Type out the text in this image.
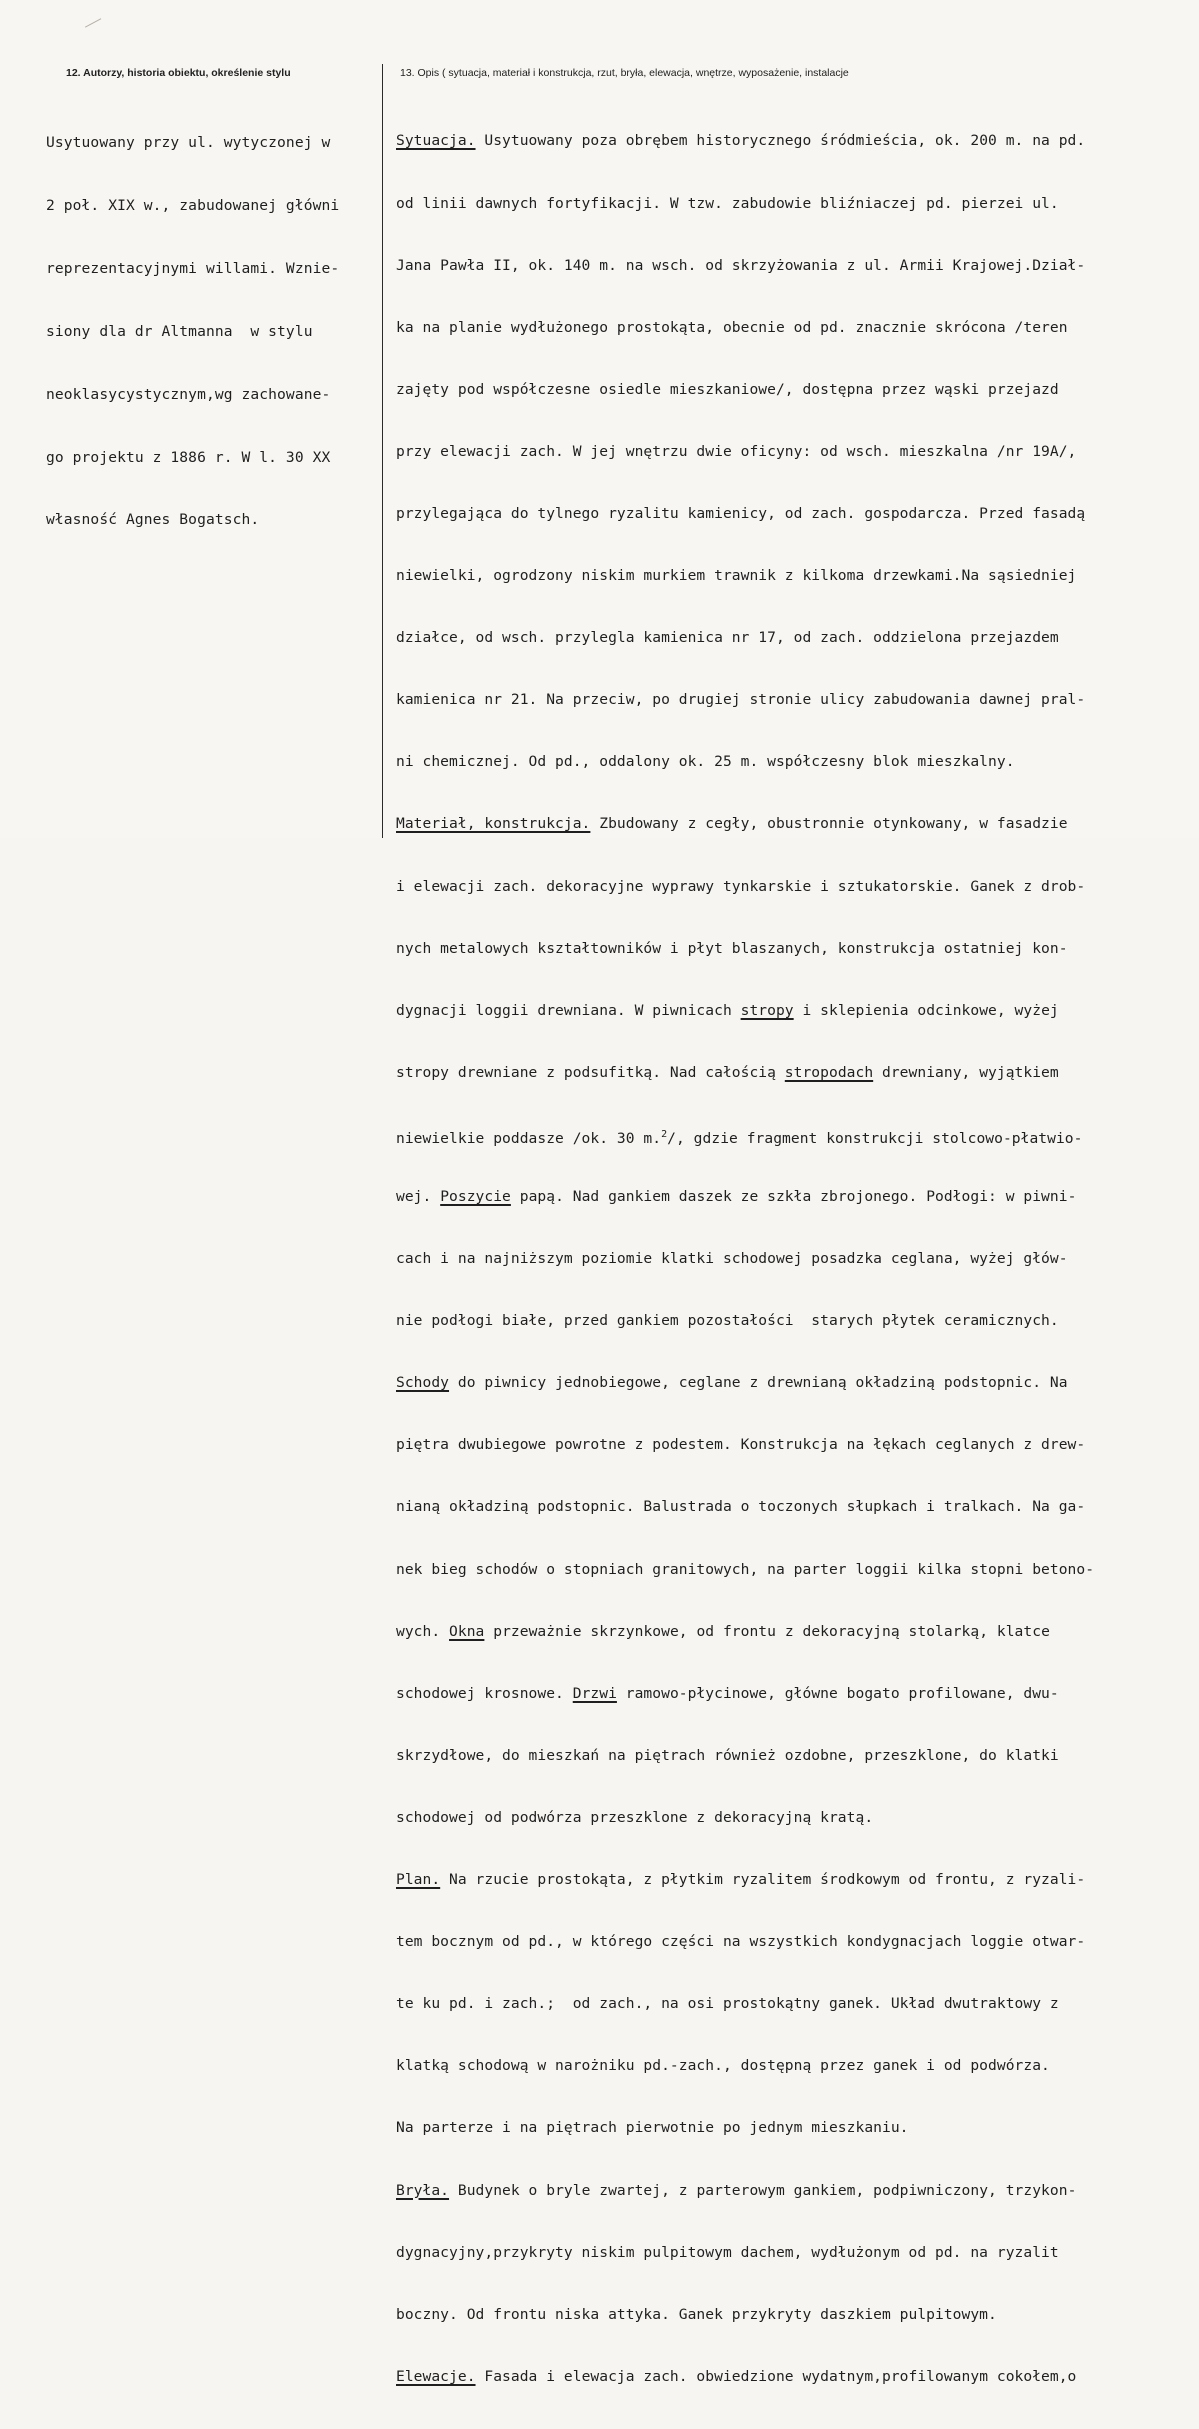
12. Autorzy, historia obiektu, określenie stylu	13. Opis ( sytuacja, materiał i konstrukcja, rzut, bryła, elewacja, wnętrze, wyposażenie, instalacje

Usytuowany przy ul. wytyczonej w

2 poł. XIX w., zabudowanej główni

reprezentacyjnymi willami. Wznie-

siony dla dr Altmanna  w stylu

neoklasycystycznym,wg zachowane-

go projektu z 1886 r. W l. 30 XX

własność Agnes Bogatsch.

Sytuacja. Usytuowany poza obrębem historycznego śródmieścia, ok. 200 m. na pd.

od linii dawnych fortyfikacji. W tzw. zabudowie bliźniaczej pd. pierzei ul.

Jana Pawła II, ok. 140 m. na wsch. od skrzyżowania z ul. Armii Krajowej.Dział-

ka na planie wydłużonego prostokąta, obecnie od pd. znacznie skrócona /teren

zajęty pod współczesne osiedle mieszkaniowe/, dostępna przez wąski przejazd

przy elewacji zach. W jej wnętrzu dwie oficyny: od wsch. mieszkalna /nr 19A/,

przylegająca do tylnego ryzalitu kamienicy, od zach. gospodarcza. Przed fasadą

niewielki, ogrodzony niskim murkiem trawnik z kilkoma drzewkami.Na sąsiedniej

działce, od wsch. przylegla kamienica nr 17, od zach. oddzielona przejazdem

kamienica nr 21. Na przeciw, po drugiej stronie ulicy zabudowania dawnej pral-

ni chemicznej. Od pd., oddalony ok. 25 m. współczesny blok mieszkalny.

Materiał, konstrukcja. Zbudowany z cegły, obustronnie otynkowany, w fasadzie

i elewacji zach. dekoracyjne wyprawy tynkarskie i sztukatorskie. Ganek z drob-

nych metalowych kształtowników i płyt blaszanych, konstrukcja ostatniej kon-

dygnacji loggii drewniana. W piwnicach stropy i sklepienia odcinkowe, wyżej

stropy drewniane z podsufitką. Nad całością stropodach drewniany, wyjątkiem

niewielkie poddasze /ok. 30 m.$^2$/, gdzie fragment konstrukcji stolcowo-płatwio-

wej. Poszycie papą. Nad gankiem daszek ze szkła zbrojonego. Podłogi: w piwni-

cach i na najniższym poziomie klatki schodowej posadzka ceglana, wyżej głów-

nie podłogi białe, przed gankiem pozostałości  starych płytek ceramicznych.

Schody do piwnicy jednobiegowe, ceglane z drewnianą okładziną podstopnic. Na

piętra dwubiegowe powrotne z podestem. Konstrukcja na łękach ceglanych z drew-

nianą okładziną podstopnic. Balustrada o toczonych słupkach i tralkach. Na ga-

nek bieg schodów o stopniach granitowych, na parter loggii kilka stopni betono-

wych. Okna przeważnie skrzynkowe, od frontu z dekoracyjną stolarką, klatce

schodowej krosnowe. Drzwi ramowo-płycinowe, główne bogato profilowane, dwu-

skrzydłowe, do mieszkań na piętrach również ozdobne, przeszklone, do klatki

schodowej od podwórza przeszklone z dekoracyjną kratą.

Plan. Na rzucie prostokąta, z płytkim ryzalitem środkowym od frontu, z ryzali-

tem bocznym od pd., w którego części na wszystkich kondygnacjach loggie otwar-

te ku pd. i zach.;  od zach., na osi prostokątny ganek. Układ dwutraktowy z

klatką schodową w narożniku pd.-zach., dostępną przez ganek i od podwórza.

Na parterze i na piętrach pierwotnie po jednym mieszkaniu.

Bryła. Budynek o bryle zwartej, z parterowym gankiem, podpiwniczony, trzykon-

dygnacyjny,przykryty niskim pulpitowym dachem, wydłużonym od pd. na ryzalit

boczny. Od frontu niska attyka. Ganek przykryty daszkiem pulpitowym.

Elewacje. Fasada i elewacja zach. obwiedzione wydatnym,profilowanym cokołem,o
